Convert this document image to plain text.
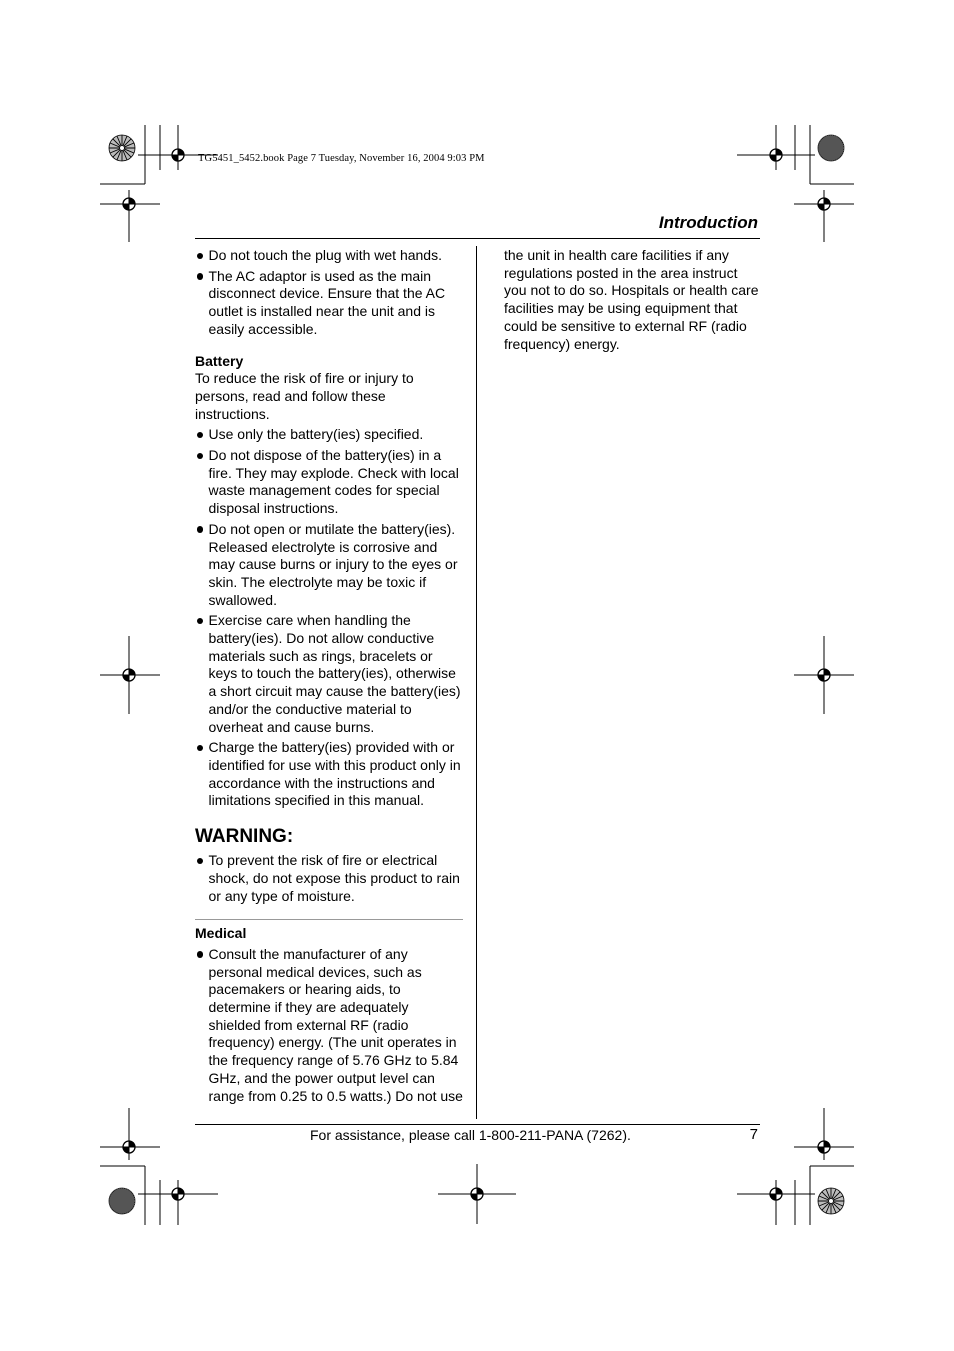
TG5451_5452.book Page 7 Tuesday, November 16, 2004 9:03 PM
Introduction
Do not touch the plug with wet hands.
The AC adaptor is used as the main disconnect device. Ensure that the AC outlet is installed near the unit and is easily accessible.

Battery

To reduce the risk of fire or injury to persons, read and follow these instructions.

Use only the battery(ies) specified.
Do not dispose of the battery(ies) in a fire. They may explode. Check with local waste management codes for special disposal instructions.
Do not open or mutilate the battery(ies). Released electrolyte is corrosive and may cause burns or injury to the eyes or skin. The electrolyte may be toxic if swallowed.
Exercise care when handling the battery(ies). Do not allow conductive materials such as rings, bracelets or keys to touch the battery(ies), otherwise a short circuit may cause the battery(ies) and/or the conductive material to overheat and cause burns.
Charge the battery(ies) provided with or identified for use with this product only in accordance with the instructions and limitations specified in this manual.

WARNING:

To prevent the risk of fire or electrical shock, do not expose this product to rain or any type of moisture.

Medical

Consult the manufacturer of any personal medical devices, such as pacemakers or hearing aids, to determine if they are adequately shielded from external RF (radio frequency) energy. (The unit operates in the frequency range of 5.76 GHz to 5.84 GHz, and the power output level can range from 0.25 to 0.5 watts.) Do not use

the unit in health care facilities if any regulations posted in the area instruct you not to do so. Hospitals or health care facilities may be using equipment that could be sensitive to external RF (radio frequency) energy.

For assistance, please call 1-800-211-PANA (7262).	7
